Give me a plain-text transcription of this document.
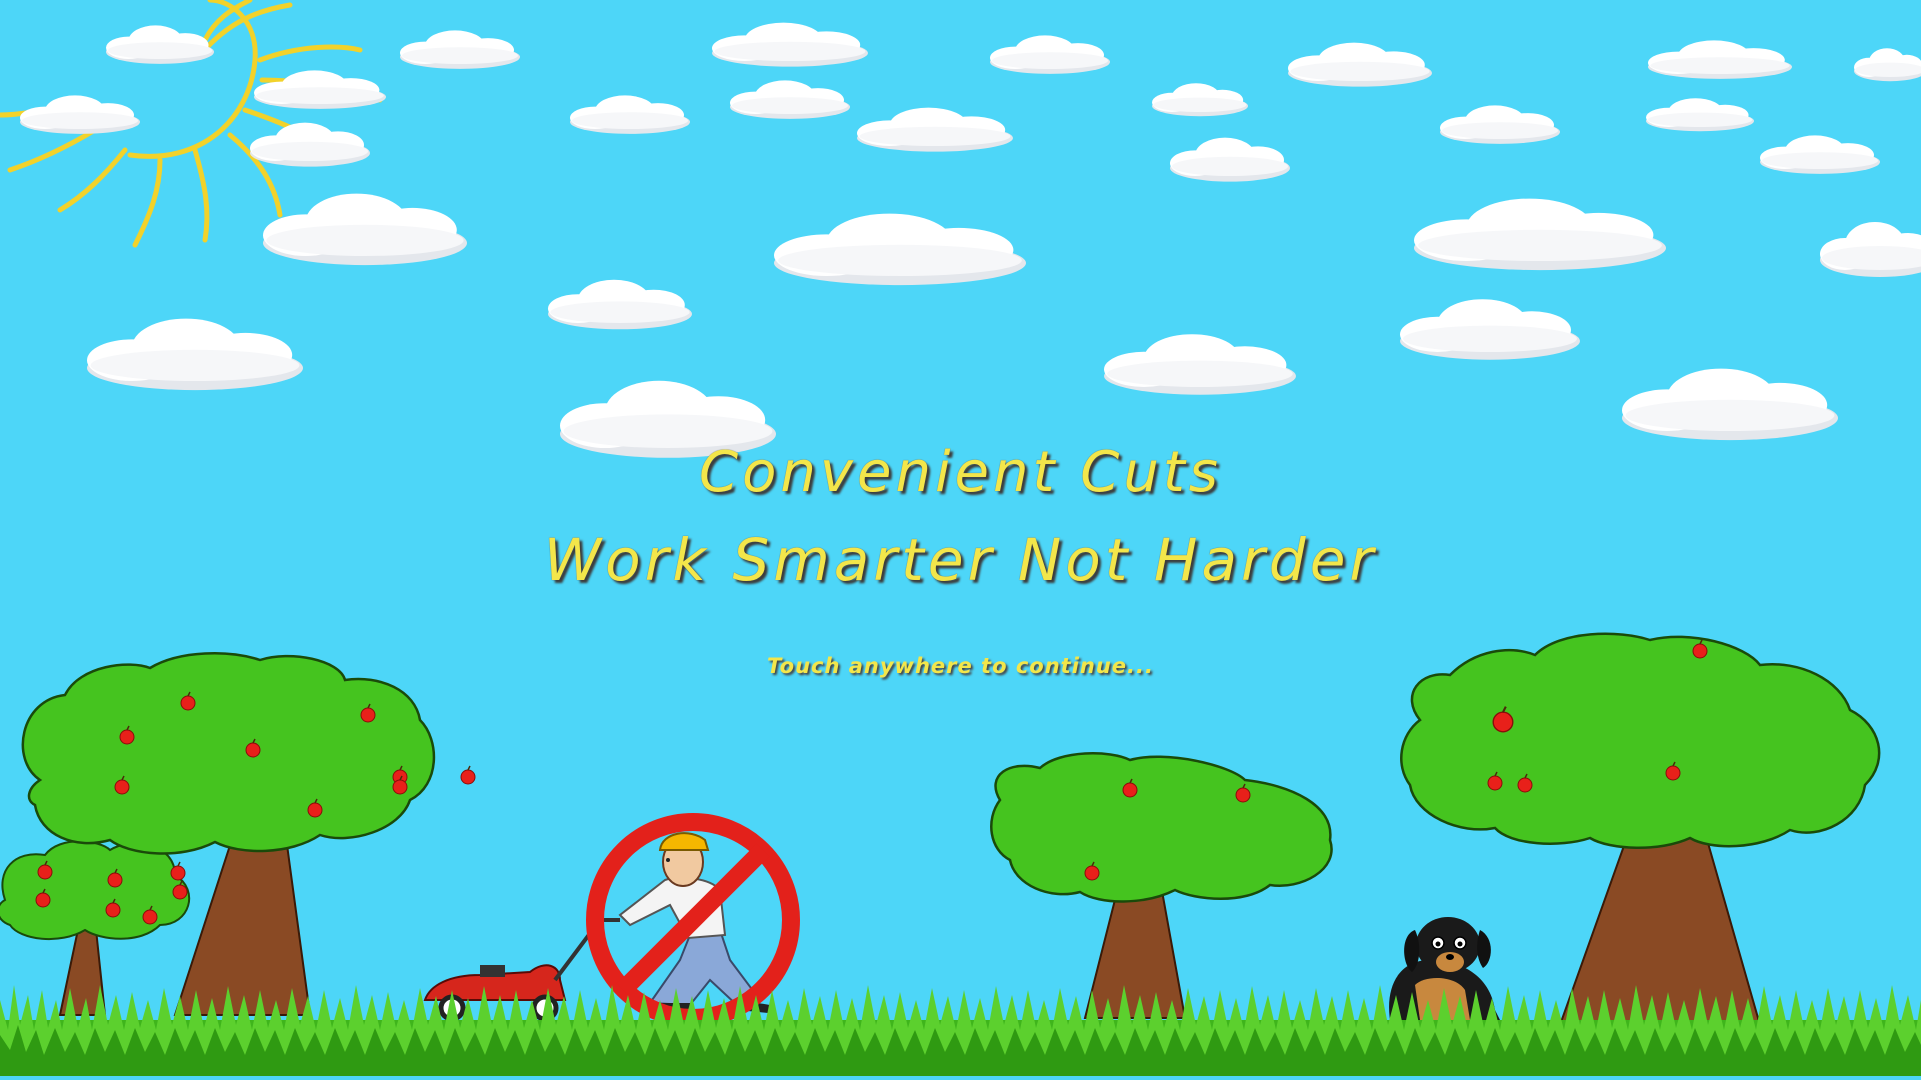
Convenient Cuts
Work Smarter Not Harder
Touch anywhere to continue...
